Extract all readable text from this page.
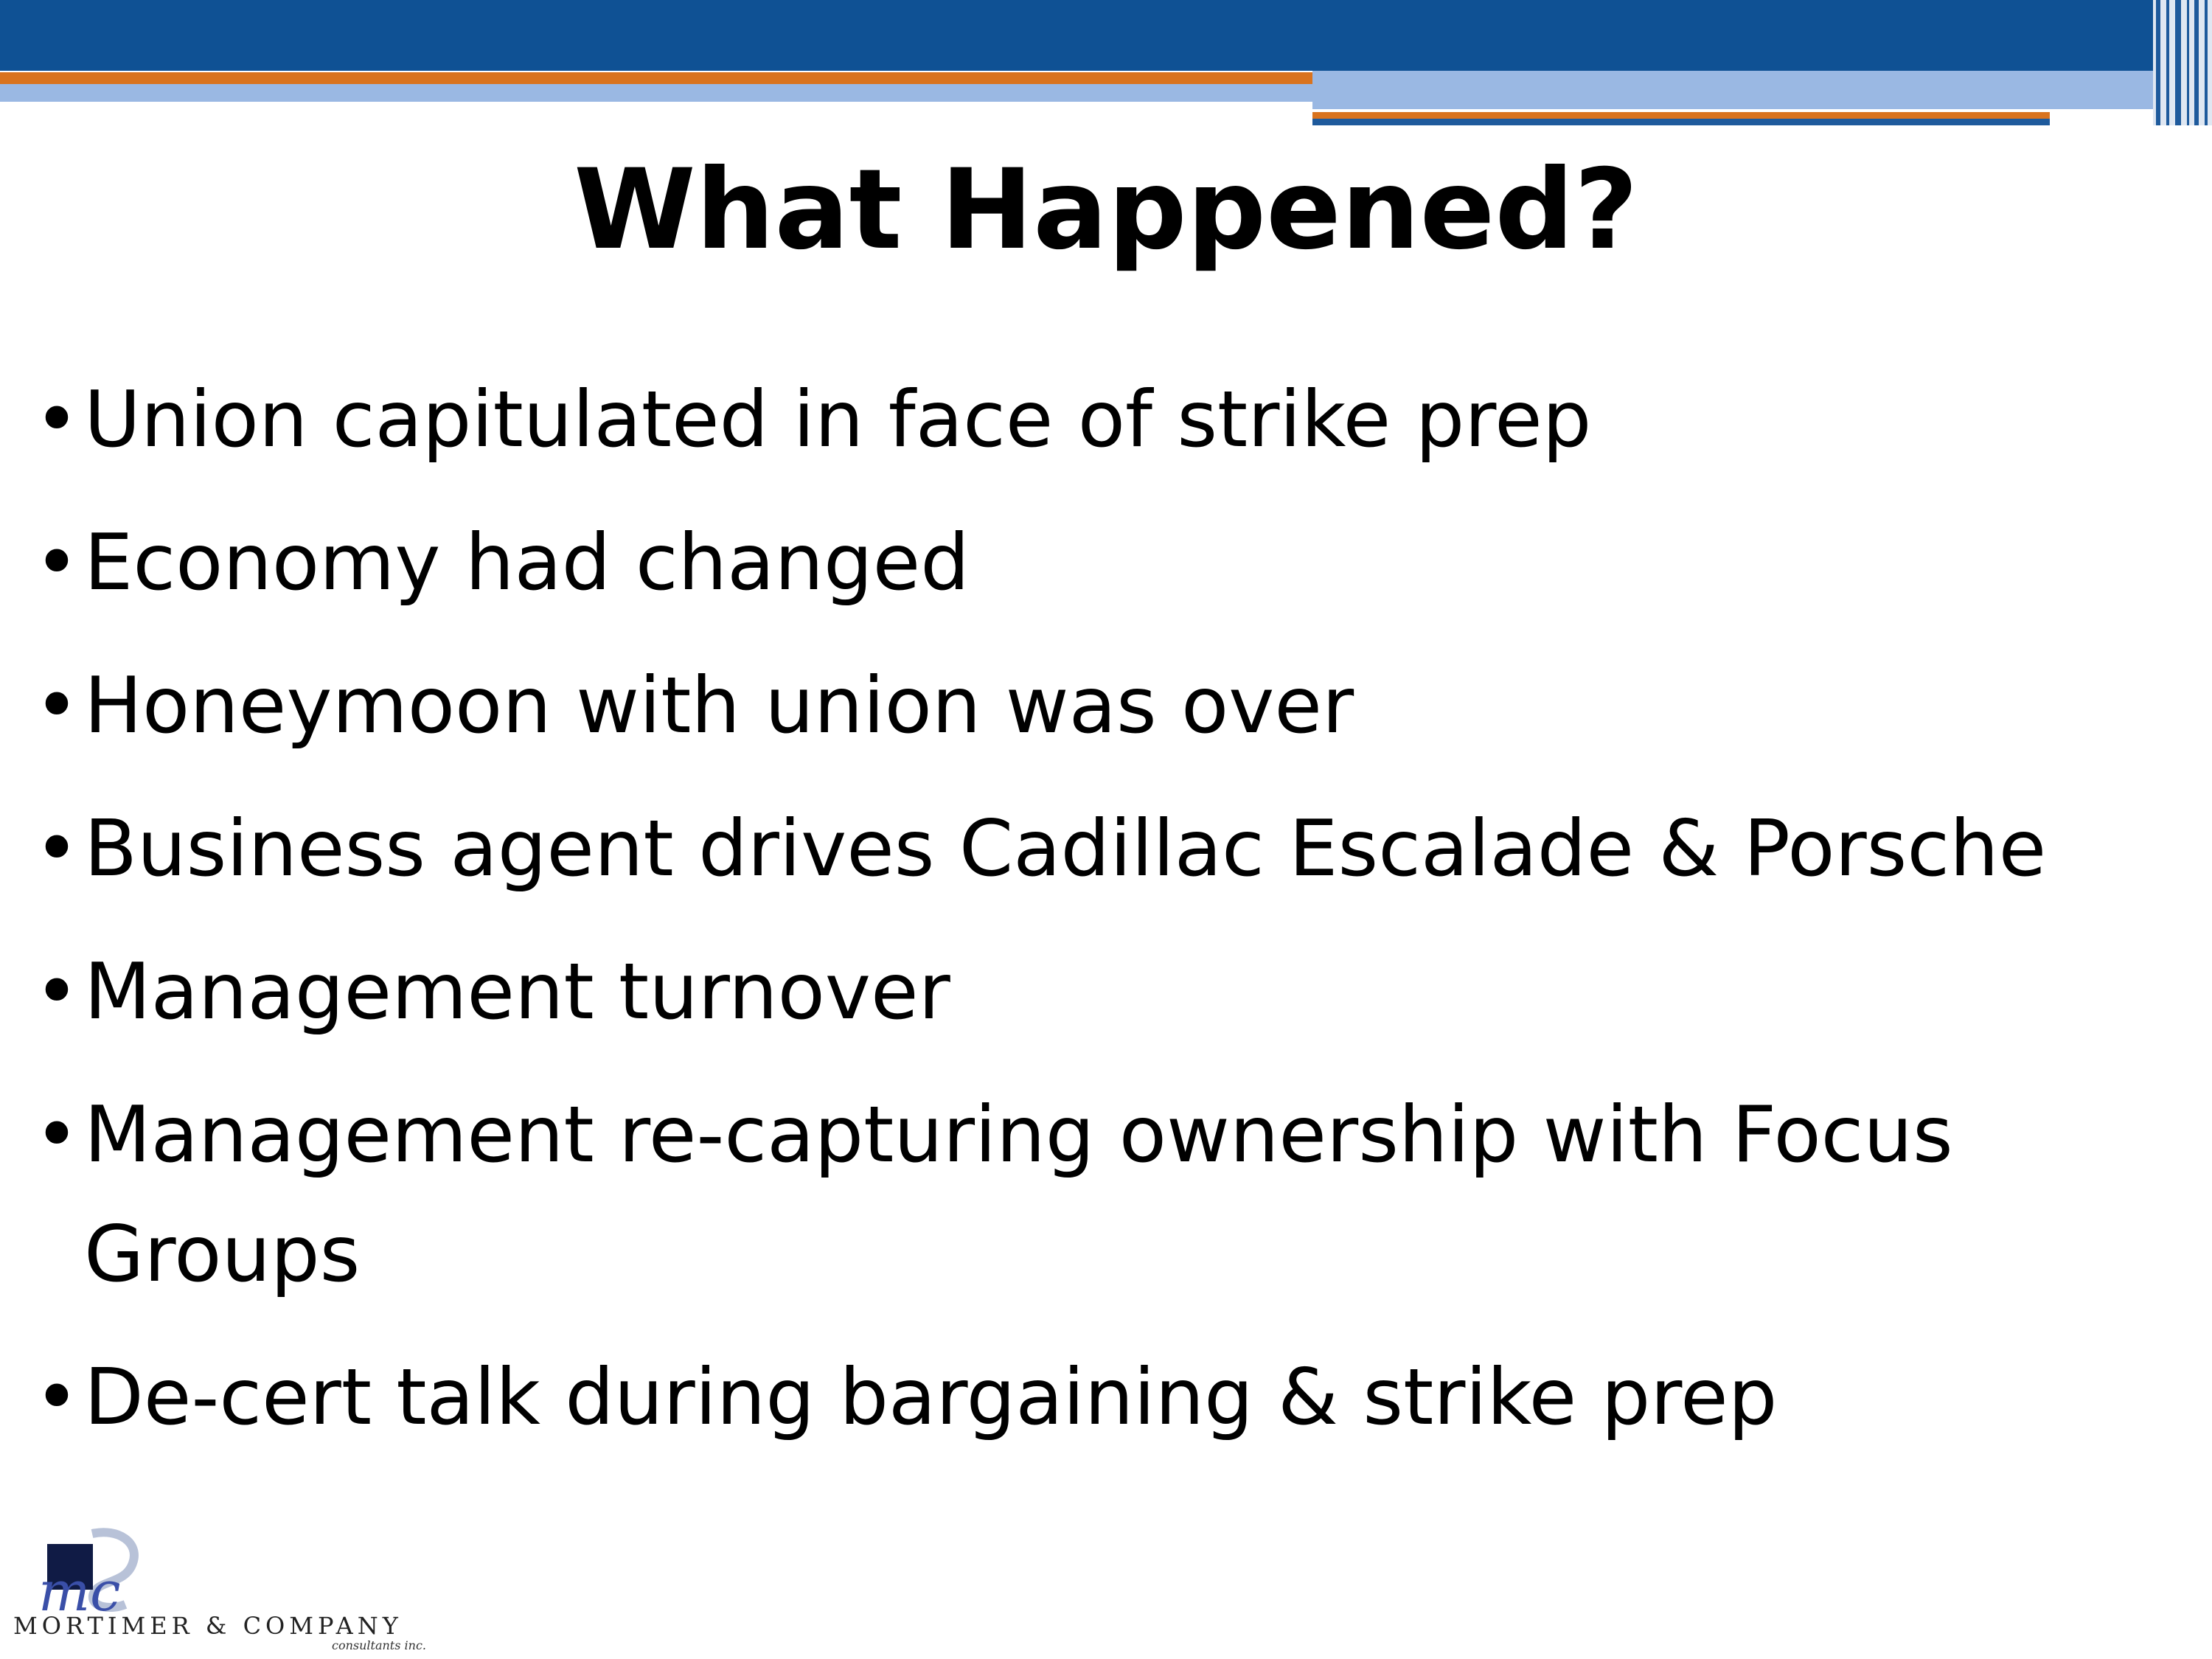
What Happened?
• Union capitulated in face of strike prep
• Economy had changed
• Honeymoon with union was over
• Business agent drives Cadillac Escalade & Porsche
• Management turnover
• Management re-capturing ownership with Focus Groups
• De-cert talk during bargaining & strike prep
mc
MORTIMER & COMPANY
consultants inc.
